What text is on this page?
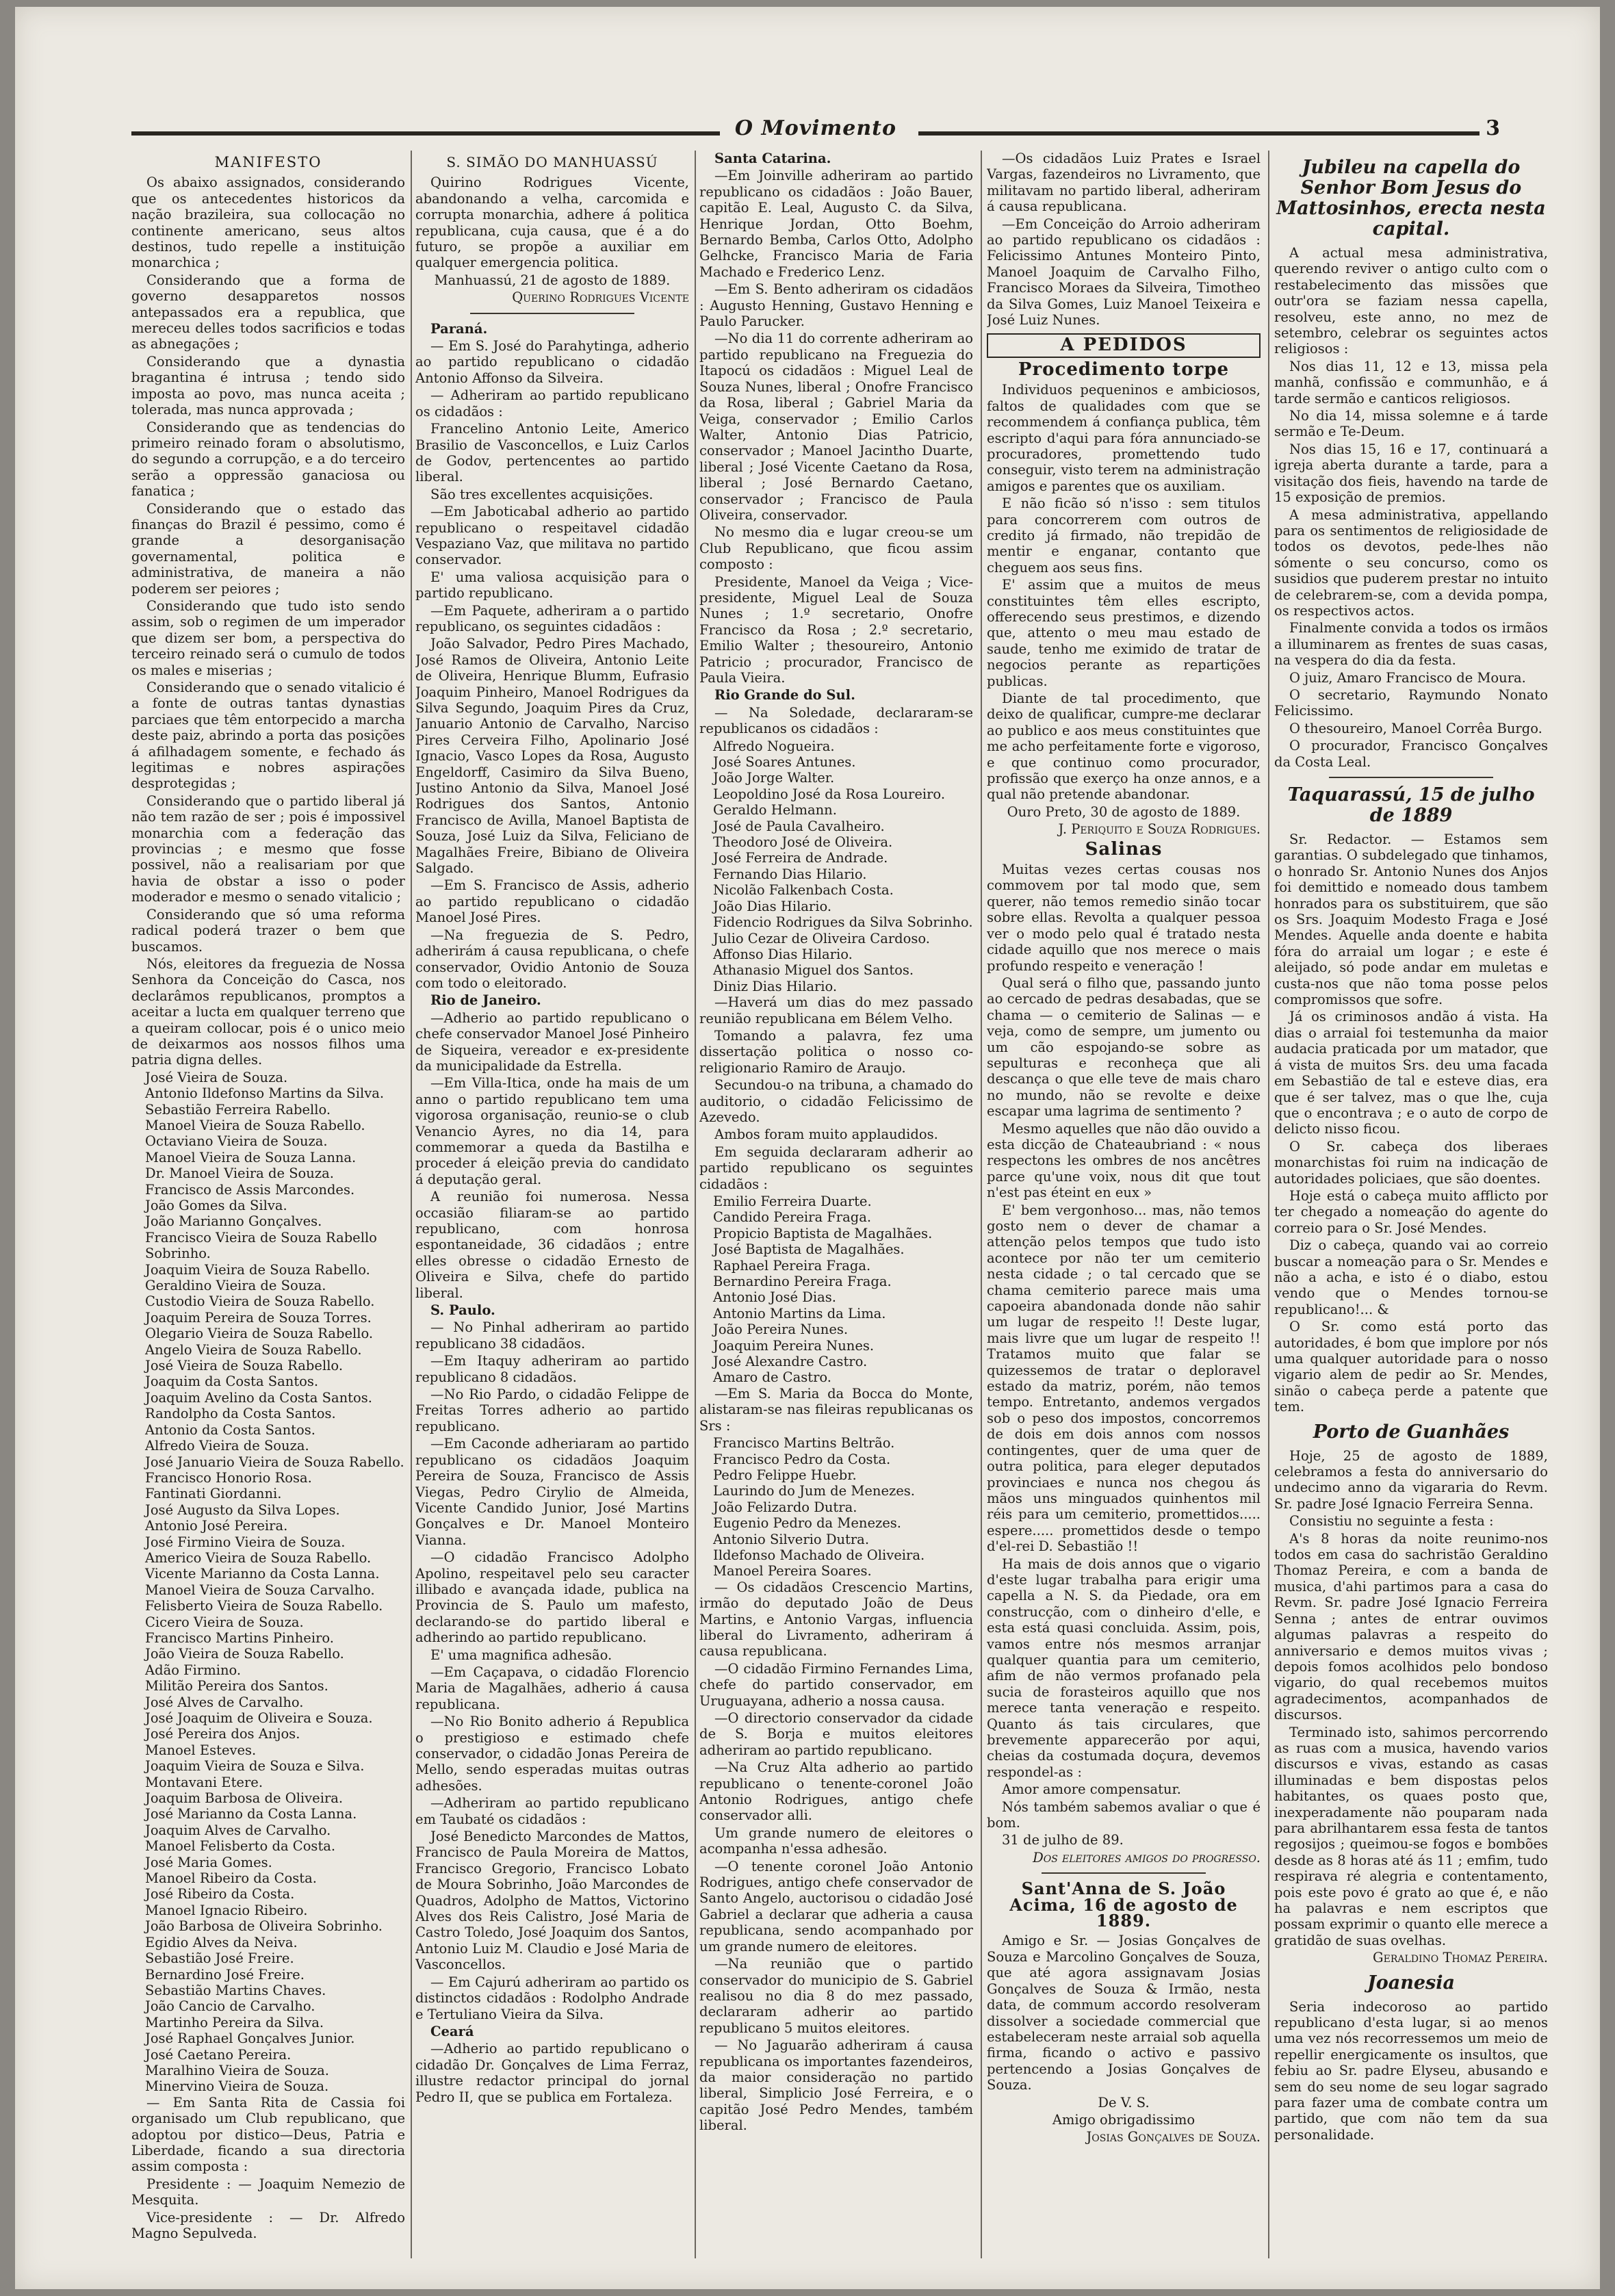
O Movimento	3
MANIFESTO

Os abaixo assignados, considerando que os antecedentes historicos da nação brazileira, sua collocação no continente americano, seus altos destinos, tudo repelle a instituição monarchica ;

Considerando que a forma de governo desapparetos nossos antepassados era a republica, que mereceu delles todos sacrificios e todas as abnegações ;

Considerando que a dynastia bragantina é intrusa ; tendo sido imposta ao povo, mas nunca aceita ; tolerada, mas nunca approvada ;

Considerando que as tendencias do primeiro reinado foram o absolutismo, do segundo a corrupção, e a do terceiro serão a oppressão ganaciosa ou fanatica ;

Considerando que o estado das finanças do Brazil é pessimo, como é grande a desorganisação governamental, politica e administrativa, de maneira a não poderem ser peiores ;

Considerando que tudo isto sendo assim, sob o regimen de um imperador que dizem ser bom, a perspectiva do terceiro reinado será o cumulo de todos os males e miserias ;

Considerando que o senado vitalicio é a fonte de outras tantas dynastias parciaes que têm entorpecido a marcha deste paiz, abrindo a porta das posições á afilhadagem somente, e fechado ás legitimas e nobres aspirações desprotegidas ;

Considerando que o partido liberal já não tem razão de ser ; pois é impossivel monarchia com a federação das provincias ; e mesmo que fosse possivel, não a realisariam por que havia de obstar a isso o poder moderador e mesmo o senado vitalicio ;

Considerando que só uma reforma radical poderá trazer o bem que buscamos.

Nós, eleitores da freguezia de Nossa Senhora da Conceição do Casca, nos declarâmos republicanos, promptos a aceitar a lucta em qualquer terreno que a queiram collocar, pois é o unico meio de deixarmos aos nossos filhos uma patria digna delles.

José Vieira de Souza.

Antonio Ildefonso Martins da Silva.

Sebastião Ferreira Rabello.

Manoel Vieira de Souza Rabello.

Octaviano Vieira de Souza.

Manoel Vieira de Souza Lanna.

Dr. Manoel Vieira de Souza.

Francisco de Assis Marcondes.

João Gomes da Silva.

João Marianno Gonçalves.

Francisco Vieira de Souza Rabello Sobrinho.

Joaquim Vieira de Souza Rabello.

Geraldino Vieira de Souza.

Custodio Vieira de Souza Rabello.

Joaquim Pereira de Souza Torres.

Olegario Vieira de Souza Rabello.

Angelo Vieira de Souza Rabello.

José Vieira de Souza Rabello.

Joaquim da Costa Santos.

Joaquim Avelino da Costa Santos.

Randolpho da Costa Santos.

Antonio da Costa Santos.

Alfredo Vieira de Souza.

José Januario Vieira de Souza Rabello.

Francisco Honorio Rosa.

Fantinati Giordanni.

José Augusto da Silva Lopes.

Antonio José Pereira.

José Firmino Vieira de Souza.

Americo Vieira de Souza Rabello.

Vicente Marianno da Costa Lanna.

Manoel Vieira de Souza Carvalho.

Felisberto Vieira de Souza Rabello.

Cicero Vieira de Souza.

Francisco Martins Pinheiro.

João Vieira de Souza Rabello.

Adão Firmino.

Militão Pereira dos Santos.

José Alves de Carvalho.

José Joaquim de Oliveira e Souza.

José Pereira dos Anjos.

Manoel Esteves.

Joaquim Vieira de Souza e Silva.

Montavani Etere.

Joaquim Barbosa de Oliveira.

José Marianno da Costa Lanna.

Joaquim Alves de Carvalho.

Manoel Felisberto da Costa.

José Maria Gomes.

Manoel Ribeiro da Costa.

José Ribeiro da Costa.

Manoel Ignacio Ribeiro.

João Barbosa de Oliveira Sobrinho.

Egidio Alves da Neiva.

Sebastião José Freire.

Bernardino José Freire.

Sebastião Martins Chaves.

João Cancio de Carvalho.

Martinho Pereira da Silva.

José Raphael Gonçalves Junior.

José Caetano Pereira.

Maralhino Vieira de Souza.

Minervino Vieira de Souza.

— Em Santa Rita de Cassia foi organisado um Club republicano, que adoptou por distico—Deus, Patria e Liberdade, ficando a sua directoria assim composta :

Presidente : — Joaquim Nemezio de Mesquita.

Vice-presidente : — Dr. Alfredo Magno Sepulveda.

S. SIMÃO DO MANHUASSÚ

Quirino Rodrigues Vicente, abandonando a velha, carcomida e corrupta monarchia, adhere á politica republicana, cuja causa, que é a do futuro, se propõe a auxiliar em qualquer emergencia politica.

Manhuassú, 21 de agosto de 1889.

Querino Rodrigues Vicente

Paraná.

— Em S. José do Parahytinga, adherio ao partido republicano o cidadão Antonio Affonso da Silveira.

— Adheriram ao partido republicano os cidadãos :

Francelino Antonio Leite, Americo Brasilio de Vasconcellos, e Luiz Carlos de Godov, pertencentes ao partido liberal.

São tres excellentes acquisições.

—Em Jaboticabal adherio ao partido republicano o respeitavel cidadão Vespaziano Vaz, que militava no partido conservador.

E' uma valiosa acquisição para o partido republicano.

—Em Paquete, adheriram a o partido republicano, os seguintes cidadãos :

João Salvador, Pedro Pires Machado, José Ramos de Oliveira, Antonio Leite de Oliveira, Henrique Blumm, Eufrasio Joaquim Pinheiro, Manoel Rodrigues da Silva Segundo, Joaquim Pires da Cruz, Januario Antonio de Carvalho, Narciso Pires Cerveira Filho, Apolinario José Ignacio, Vasco Lopes da Rosa, Augusto Engeldorff, Casimiro da Silva Bueno, Justino Antonio da Silva, Manoel José Rodrigues dos Santos, Antonio Francisco de Avilla, Manoel Baptista de Souza, José Luiz da Silva, Feliciano de Magalhães Freire, Bibiano de Oliveira Salgado.

—Em S. Francisco de Assis, adherio ao partido republicano o cidadão Manoel José Pires.

—Na freguezia de S. Pedro, adherirám á causa republicana, o chefe conservador, Ovidio Antonio de Souza com todo o eleitorado.

Rio de Janeiro.

—Adherio ao partido republicano o chefe conservador Manoel José Pinheiro de Siqueira, vereador e ex-presidente da municipalidade da Estrella.

—Em Villa-Itica, onde ha mais de um anno o partido republicano tem uma vigorosa organisação, reunio-se o club Venancio Ayres, no dia 14, para commemorar a queda da Bastilha e proceder á eleição previa do candidato á deputação geral.

A reunião foi numerosa. Nessa occasião filiaram-se ao partido republicano, com honrosa espontaneidade, 36 cidadãos ; entre elles obresse o cidadão Ernesto de Oliveira e Silva, chefe do partido liberal.

S. Paulo.

— No Pinhal adheriram ao partido republicano 38 cidadãos.

—Em Itaquy adheriram ao partido republicano 8 cidadãos.

—No Rio Pardo, o cidadão Felippe de Freitas Torres adherio ao partido republicano.

—Em Caconde adheriaram ao partido republicano os cidadãos Joaquim Pereira de Souza, Francisco de Assis Viegas, Pedro Cirylio de Almeida, Vicente Candido Junior, José Martins Gonçalves e Dr. Manoel Monteiro Vianna.

—O cidadão Francisco Adolpho Apolino, respeitavel pelo seu caracter illibado e avançada idade, publica na Provincia de S. Paulo um mafesto, declarando-se do partido liberal e adherindo ao partido republicano.

E' uma magnifica adhesão.

—Em Caçapava, o cidadão Florencio Maria de Magalhães, adherio á causa republicana.

—No Rio Bonito adherio á Republica o prestigioso e estimado chefe conservador, o cidadão Jonas Pereira de Mello, sendo esperadas muitas outras adhesões.

—Adheriram ao partido republicano em Taubaté os cidadãos :

José Benedicto Marcondes de Mattos, Francisco de Paula Moreira de Mattos, Francisco Gregorio, Francisco Lobato de Moura Sobrinho, João Marcondes de Quadros, Adolpho de Mattos, Victorino Alves dos Reis Calistro, José Maria de Castro Toledo, José Joaquim dos Santos, Antonio Luiz M. Claudio e José Maria de Vasconcellos.

— Em Cajurú adheriram ao partido os distinctos cidadãos : Rodolpho Andrade e Tertuliano Vieira da Silva.

Ceará

—Adherio ao partido republicano o cidadão Dr. Gonçalves de Lima Ferraz, illustre redactor principal do jornal Pedro II, que se publica em Fortaleza.

Santa Catarina.

—Em Joinville adheriram ao partido republicano os cidadãos : João Bauer, capitão E. Leal, Augusto C. da Silva, Henrique Jordan, Otto Boehm, Bernardo Bemba, Carlos Otto, Adolpho Gelhcke, Francisco Maria de Faria Machado e Frederico Lenz.

—Em S. Bento adheriram os cidadãos : Augusto Henning, Gustavo Henning e Paulo Parucker.

—No dia 11 do corrente adheriram ao partido republicano na Freguezia do Itapocú os cidadãos : Miguel Leal de Souza Nunes, liberal ; Onofre Francisco da Rosa, liberal ; Gabriel Maria da Veiga, conservador ; Emilio Carlos Walter, Antonio Dias Patricio, conservador ; Manoel Jacintho Duarte, liberal ; José Vicente Caetano da Rosa, liberal ; José Bernardo Caetano, conservador ; Francisco de Paula Oliveira, conservador.

No mesmo dia e lugar creou-se um Club Republicano, que ficou assim composto :

Presidente, Manoel da Veiga ; Vice-presidente, Miguel Leal de Souza Nunes ; 1.º secretario, Onofre Francisco da Rosa ; 2.º secretario, Emilio Walter ; thesoureiro, Antonio Patricio ; procurador, Francisco de Paula Vieira.

Rio Grande do Sul.

— Na Soledade, declararam-se republicanos os cidadãos :

Alfredo Nogueira.

José Soares Antunes.

João Jorge Walter.

Leopoldino José da Rosa Loureiro.

Geraldo Helmann.

José de Paula Cavalheiro.

Theodoro José de Oliveira.

José Ferreira de Andrade.

Fernando Dias Hilario.

Nicolão Falkenbach Costa.

João Dias Hilario.

Fidencio Rodrigues da Silva Sobrinho.

Julio Cezar de Oliveira Cardoso.

Affonso Dias Hilario.

Athanasio Miguel dos Santos.

Diniz Dias Hilario.

—Haverá um dias do mez passado reunião republicana em Bélem Velho.

Tomando a palavra, fez uma dissertação politica o nosso co-religionario Ramiro de Araujo.

Secundou-o na tribuna, a chamado do auditorio, o cidadão Felicissimo de Azevedo.

Ambos foram muito applaudidos.

Em seguida declararam adherir ao partido republicano os seguintes cidadãos :

Emilio Ferreira Duarte.

Candido Pereira Fraga.

Propicio Baptista de Magalhães.

José Baptista de Magalhães.

Raphael Pereira Fraga.

Bernardino Pereira Fraga.

Antonio José Dias.

Antonio Martins da Lima.

João Pereira Nunes.

Joaquim Pereira Nunes.

José Alexandre Castro.

Amaro de Castro.

—Em S. Maria da Bocca do Monte, alistaram-se nas fileiras republicanas os Srs :

Francisco Martins Beltrão.

Francisco Pedro da Costa.

Pedro Felippe Huebr.

Laurindo do Jum de Menezes.

João Felizardo Dutra.

Eugenio Pedro da Menezes.

Antonio Silverio Dutra.

Ildefonso Machado de Oliveira.

Manoel Pereira Soares.

— Os cidadãos Crescencio Martins, irmão do deputado João de Deus Martins, e Antonio Vargas, influencia liberal do Livramento, adheriram á causa republicana.

—O cidadão Firmino Fernandes Lima, chefe do partido conservador, em Uruguayana, adherio a nossa causa.

—O directorio conservador da cidade de S. Borja e muitos eleitores adheriram ao partido republicano.

—Na Cruz Alta adherio ao partido republicano o tenente-coronel João Antonio Rodrigues, antigo chefe conservador alli.

Um grande numero de eleitores o acompanha n'essa adhesão.

—O tenente coronel João Antonio Rodrigues, antigo chefe conservador de Santo Angelo, auctorisou o cidadão José Gabriel a declarar que adheria a causa republicana, sendo acompanhado por um grande numero de eleitores.

—Na reunião que o partido conservador do municipio de S. Gabriel realisou no dia 8 do mez passado, declararam adherir ao partido republicano 5 muitos eleitores.

— No Jaguarão adheriram á causa republicana os importantes fazendeiros, da maior consideração no partido liberal, Simplicio José Ferreira, e o capitão José Pedro Mendes, também liberal.

—Os cidadãos Luiz Prates e Israel Vargas, fazendeiros no Livramento, que militavam no partido liberal, adheriram á causa republicana.

—Em Conceição do Arroio adheriram ao partido republicano os cidadãos : Felicissimo Antunes Monteiro Pinto, Manoel Joaquim de Carvalho Filho, Francisco Moraes da Silveira, Timotheo da Silva Gomes, Luiz Manoel Teixeira e José Luiz Nunes.

A PEDIDOS
Procedimento torpe

Individuos pequeninos e ambiciosos, faltos de qualidades com que se recommendem á confiança publica, têm escripto d'aqui para fóra annunciado-se procuradores, promettendo tudo conseguir, visto terem na administração amigos e parentes que os auxiliam.

E não ficão só n'isso : sem titulos para concorrerem com outros de credito já firmado, não trepidão de mentir e enganar, contanto que cheguem aos seus fins.

E' assim que a muitos de meus constituintes têm elles escripto, offerecendo seus prestimos, e dizendo que, attento o meu mau estado de saude, tenho me eximido de tratar de negocios perante as repartições publicas.

Diante de tal procedimento, que deixo de qualificar, cumpre-me declarar ao publico e aos meus constituintes que me acho perfeitamente forte e vigoroso, e que continuo como procurador, profissão que exerço ha onze annos, e a qual não pretende abandonar.

Ouro Preto, 30 de agosto de 1889.

J. Periquito e Souza Rodrigues.

Salinas

Muitas vezes certas cousas nos commovem por tal modo que, sem querer, não temos remedio sinão tocar sobre ellas. Revolta a qualquer pessoa ver o modo pelo qual é tratado nesta cidade aquillo que nos merece o mais profundo respeito e veneração !

Qual será o filho que, passando junto ao cercado de pedras desabadas, que se chama — o cemiterio de Salinas — e veja, como de sempre, um jumento ou um cão espojando-se sobre as sepulturas e reconheça que ali descança o que elle teve de mais charo no mundo, não se revolte e deixe escapar uma lagrima de sentimento ?

Mesmo aquelles que não dão ouvido a esta dicção de Chateaubriand : « nous respectons les ombres de nos ancêtres parce qu'une voix, nous dit que tout n'est pas éteint en eux »

E' bem vergonhoso... mas, não temos gosto nem o dever de chamar a attenção pelos tempos que tudo isto acontece por não ter um cemiterio nesta cidade ; o tal cercado que se chama cemiterio parece mais uma capoeira abandonada donde não sahir um lugar de respeito !! Deste lugar, mais livre que um lugar de respeito !! Tratamos muito que falar se quizessemos de tratar o deploravel estado da matriz, porém, não temos tempo. Entretanto, andemos vergados sob o peso dos impostos, concorremos de dois em dois annos com nossos contingentes, quer de uma quer de outra politica, para eleger deputados provinciaes e nunca nos chegou ás mãos uns minguados quinhentos mil réis para um cemiterio, promettidos..... espere..... promettidos desde o tempo d'el-rei D. Sebastião !!

Ha mais de dois annos que o vigario d'este lugar trabalha para erigir uma capella a N. S. da Piedade, ora em construcção, com o dinheiro d'elle, e esta está quasi concluida. Assim, pois, vamos entre nós mesmos arranjar qualquer quantia para um cemiterio, afim de não vermos profanado pela sucia de forasteiros aquillo que nos merece tanta veneração e respeito. Quanto ás tais circulares, que brevemente apparecerão por aqui, cheias da costumada doçura, devemos respondel-as :

Amor amore compensatur.

Nós também sabemos avaliar o que é bom.

31 de julho de 89.

Dos eleitores amigos do progresso.

Sant'Anna de S. João Acima, 16 de agosto de 1889.

Amigo e Sr. — Josias Gonçalves de Souza e Marcolino Gonçalves de Souza, que até agora assignavam Josias Gonçalves de Souza & Irmão, nesta data, de commum accordo resolveram dissolver a sociedade commercial que estabeleceram neste arraial sob aquella firma, ficando o activo e passivo pertencendo a Josias Gonçalves de Souza.

De V. S.

Amigo obrigadissimo

Josias Gonçalves de Souza.

Jubileu na capella do Senhor Bom Jesus do Mattosinhos, erecta nesta capital.

A actual mesa administrativa, querendo reviver o antigo culto com o restabelecimento das missões que outr'ora se faziam nessa capella, resolveu, este anno, no mez de setembro, celebrar os seguintes actos religiosos :

Nos dias 11, 12 e 13, missa pela manhã, confissão e communhão, e á tarde sermão e canticos religiosos.

No dia 14, missa solemne e á tarde sermão e Te-Deum.

Nos dias 15, 16 e 17, continuará a igreja aberta durante a tarde, para a visitação dos fieis, havendo na tarde de 15 exposição de premios.

A mesa administrativa, appellando para os sentimentos de religiosidade de todos os devotos, pede-lhes não sómente o seu concurso, como os susidios que puderem prestar no intuito de celebrarem-se, com a devida pompa, os respectivos actos.

Finalmente convida a todos os irmãos a illuminarem as frentes de suas casas, na vespera do dia da festa.

O juiz, Amaro Francisco de Moura.

O secretario, Raymundo Nonato Felicissimo.

O thesoureiro, Manoel Corrêa Burgo.

O procurador, Francisco Gonçalves da Costa Leal.

Taquarassú, 15 de julho de 1889

Sr. Redactor. — Estamos sem garantias. O subdelegado que tinhamos, o honrado Sr. Antonio Nunes dos Anjos foi demittido e nomeado dous tambem honrados para os substituirem, que são os Srs. Joaquim Modesto Fraga e José Mendes. Aquelle anda doente e habita fóra do arraial um logar ; e este é aleijado, só pode andar em muletas e custa-nos que não toma posse pelos compromissos que sofre.

Já os criminosos andão á vista. Ha dias o arraial foi testemunha da maior audacia praticada por um matador, que á vista de muitos Srs. deu uma facada em Sebastião de tal e esteve dias, era que é ser talvez, mas o que lhe, cuja que o encontrava ; e o auto de corpo de delicto nisso ficou.

O Sr. cabeça dos liberaes monarchistas foi ruim na indicação de autoridades policiaes, que são doentes.

Hoje está o cabeça muito afflicto por ter chegado a nomeação do agente do correio para o Sr. José Mendes.

Diz o cabeça, quando vai ao correio buscar a nomeação para o Sr. Mendes e não a acha, e isto é o diabo, estou vendo que o Mendes tornou-se republicano!... &

O Sr. como está porto das autoridades, é bom que implore por nós uma qualquer autoridade para o nosso vigario alem de pedir ao Sr. Mendes, sinão o cabeça perde a patente que tem.

Porto de Guanhães

Hoje, 25 de agosto de 1889, celebramos a festa do anniversario do undecimo anno da vigararia do Revm. Sr. padre José Ignacio Ferreira Senna.

Consistiu no seguinte a festa :

A's 8 horas da noite reunimo-nos todos em casa do sachristão Geraldino Thomaz Pereira, e com a banda de musica, d'ahi partimos para a casa do Revm. Sr. padre José Ignacio Ferreira Senna ; antes de entrar ouvimos algumas palavras a respeito do anniversario e demos muitos vivas ; depois fomos acolhidos pelo bondoso vigario, do qual recebemos muitos agradecimentos, acompanhados de discursos.

Terminado isto, sahimos percorrendo as ruas com a musica, havendo varios discursos e vivas, estando as casas illuminadas e bem dispostas pelos habitantes, os quaes posto que, inexperadamente não pouparam nada para abrilhantarem essa festa de tantos regosijos ; queimou-se fogos e bombões desde as 8 horas até ás 11 ; emfim, tudo respirava ré alegria e contentamento, pois este povo é grato ao que é, e não ha palavras e nem escriptos que possam exprimir o quanto elle merece a gratidão de suas ovelhas.

Geraldino Thomaz Pereira.

Joanesia

Seria indecoroso ao partido republicano d'esta lugar, si ao menos uma vez nós recorressemos um meio de repellir energicamente os insultos, que febiu ao Sr. padre Elyseu, abusando e sem do seu nome de seu logar sagrado para fazer uma de combate contra um partido, que com não tem da sua personalidade.
